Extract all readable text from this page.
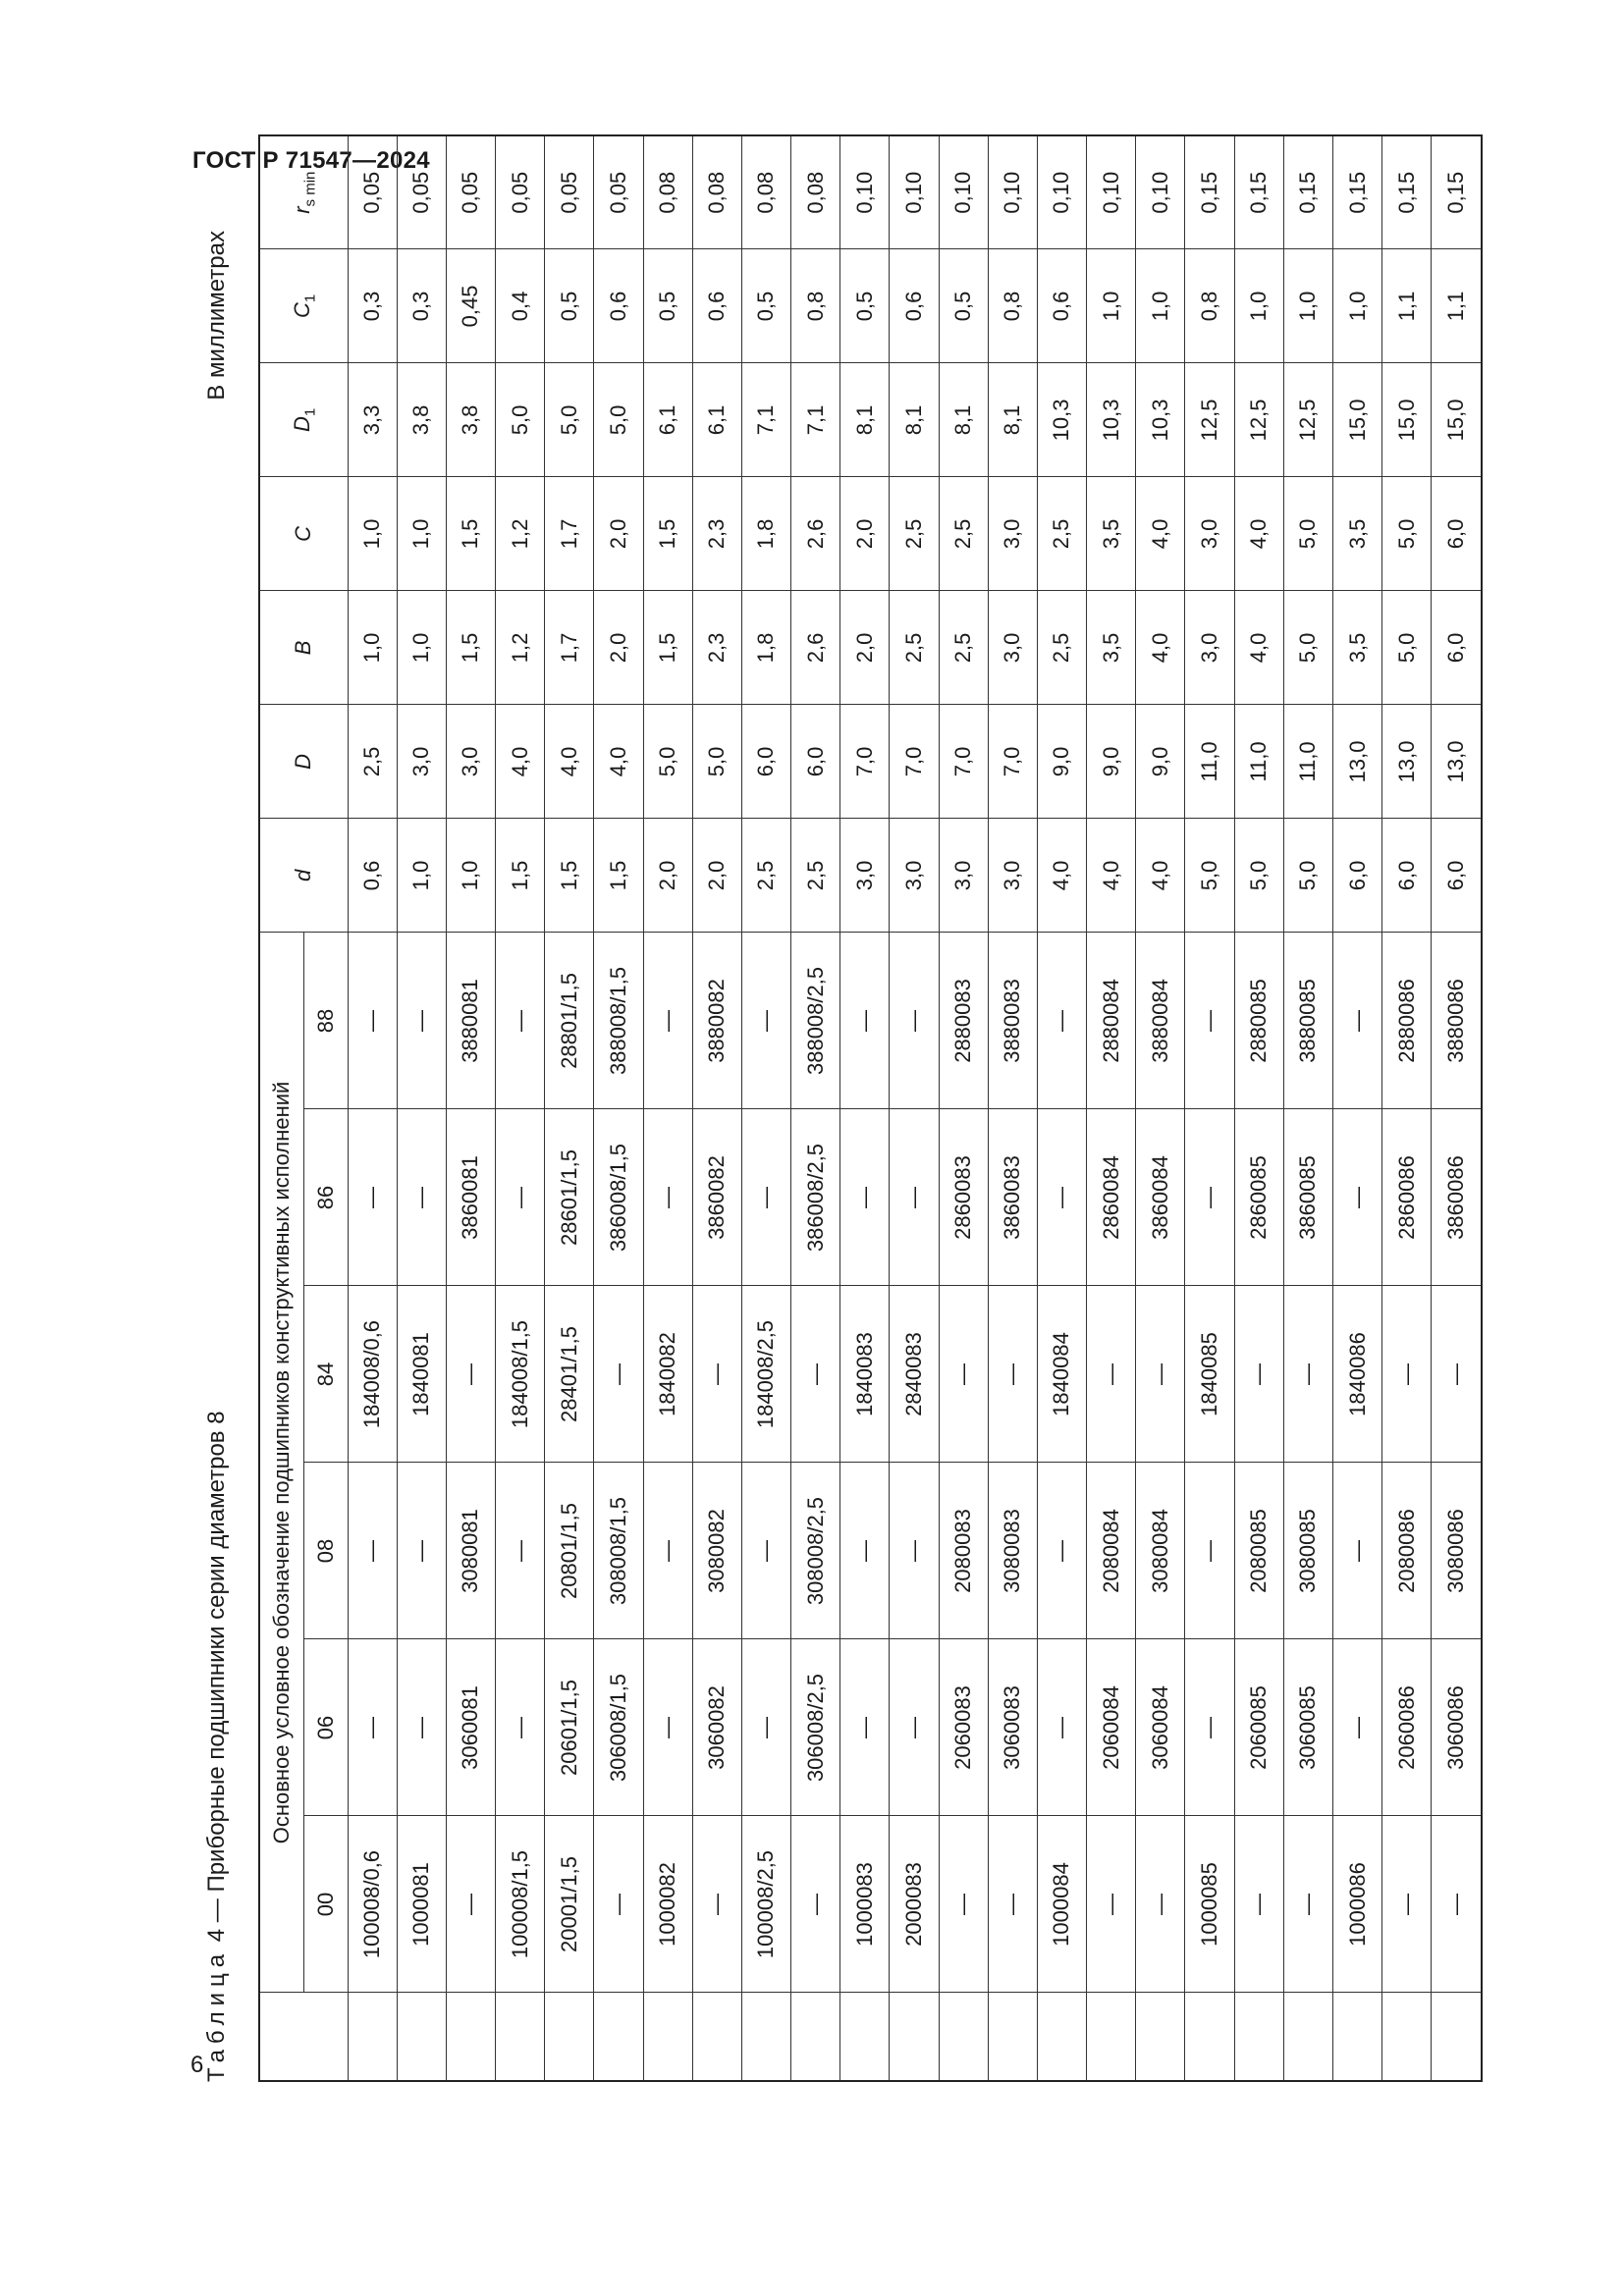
ГОСТ Р 71547—2024
6 Таблица 4 — Приборные подшипники серии диаметров 8
В миллиметрах
	Основное условное обозначение подшипников конструктивных исполнений						d	D	B	C	$D_1$	$C_1$	$r_{s min}$
	00	06	08	84	86	88							
	100008/0,6	—	—	184008/0,6	—	—	0,6	2,5	1,0	1,0	3,3	0,3	0,05
	1000081	—	—	1840081	—	—	1,0	3,0	1,0	1,0	3,8	0,3	0,05
	—	3060081	3080081	—	3860081	3880081	1,0	3,0	1,5	1,5	3,8	0,45	0,05
	100008/1,5	—	—	184008/1,5	—	—	1,5	4,0	1,2	1,2	5,0	0,4	0,05
	20001/1,5	20601/1,5	20801/1,5	28401/1,5	28601/1,5	28801/1,5	1,5	4,0	1,7	1,7	5,0	0,5	0,05
	—	306008/1,5	308008/1,5	—	386008/1,5	388008/1,5	1,5	4,0	2,0	2,0	5,0	0,6	0,05
	1000082	—	—	1840082	—	—	2,0	5,0	1,5	1,5	6,1	0,5	0,08
	—	3060082	3080082	—	3860082	3880082	2,0	5,0	2,3	2,3	6,1	0,6	0,08
	100008/2,5	—	—	184008/2,5	—	—	2,5	6,0	1,8	1,8	7,1	0,5	0,08
	—	306008/2,5	308008/2,5	—	386008/2,5	388008/2,5	2,5	6,0	2,6	2,6	7,1	0,8	0,08
	1000083	—	—	1840083	—	—	3,0	7,0	2,0	2,0	8,1	0,5	0,10
	2000083	—	—	2840083	—	—	3,0	7,0	2,5	2,5	8,1	0,6	0,10
	—	2060083	2080083	—	2860083	2880083	3,0	7,0	2,5	2,5	8,1	0,5	0,10
	—	3060083	3080083	—	3860083	3880083	3,0	7,0	3,0	3,0	8,1	0,8	0,10
	1000084	—	—	1840084	—	—	4,0	9,0	2,5	2,5	10,3	0,6	0,10
	—	2060084	2080084	—	2860084	2880084	4,0	9,0	3,5	3,5	10,3	1,0	0,10
	—	3060084	3080084	—	3860084	3880084	4,0	9,0	4,0	4,0	10,3	1,0	0,10
	1000085	—	—	1840085	—	—	5,0	11,0	3,0	3,0	12,5	0,8	0,15
	—	2060085	2080085	—	2860085	2880085	5,0	11,0	4,0	4,0	12,5	1,0	0,15
	—	3060085	3080085	—	3860085	3880085	5,0	11,0	5,0	5,0	12,5	1,0	0,15
	1000086	—	—	1840086	—	—	6,0	13,0	3,5	3,5	15,0	1,0	0,15
	—	2060086	2080086	—	2860086	2880086	6,0	13,0	5,0	5,0	15,0	1,1	0,15
	—	3060086	3080086	—	3860086	3880086	6,0	13,0	6,0	6,0	15,0	1,1	0,15
